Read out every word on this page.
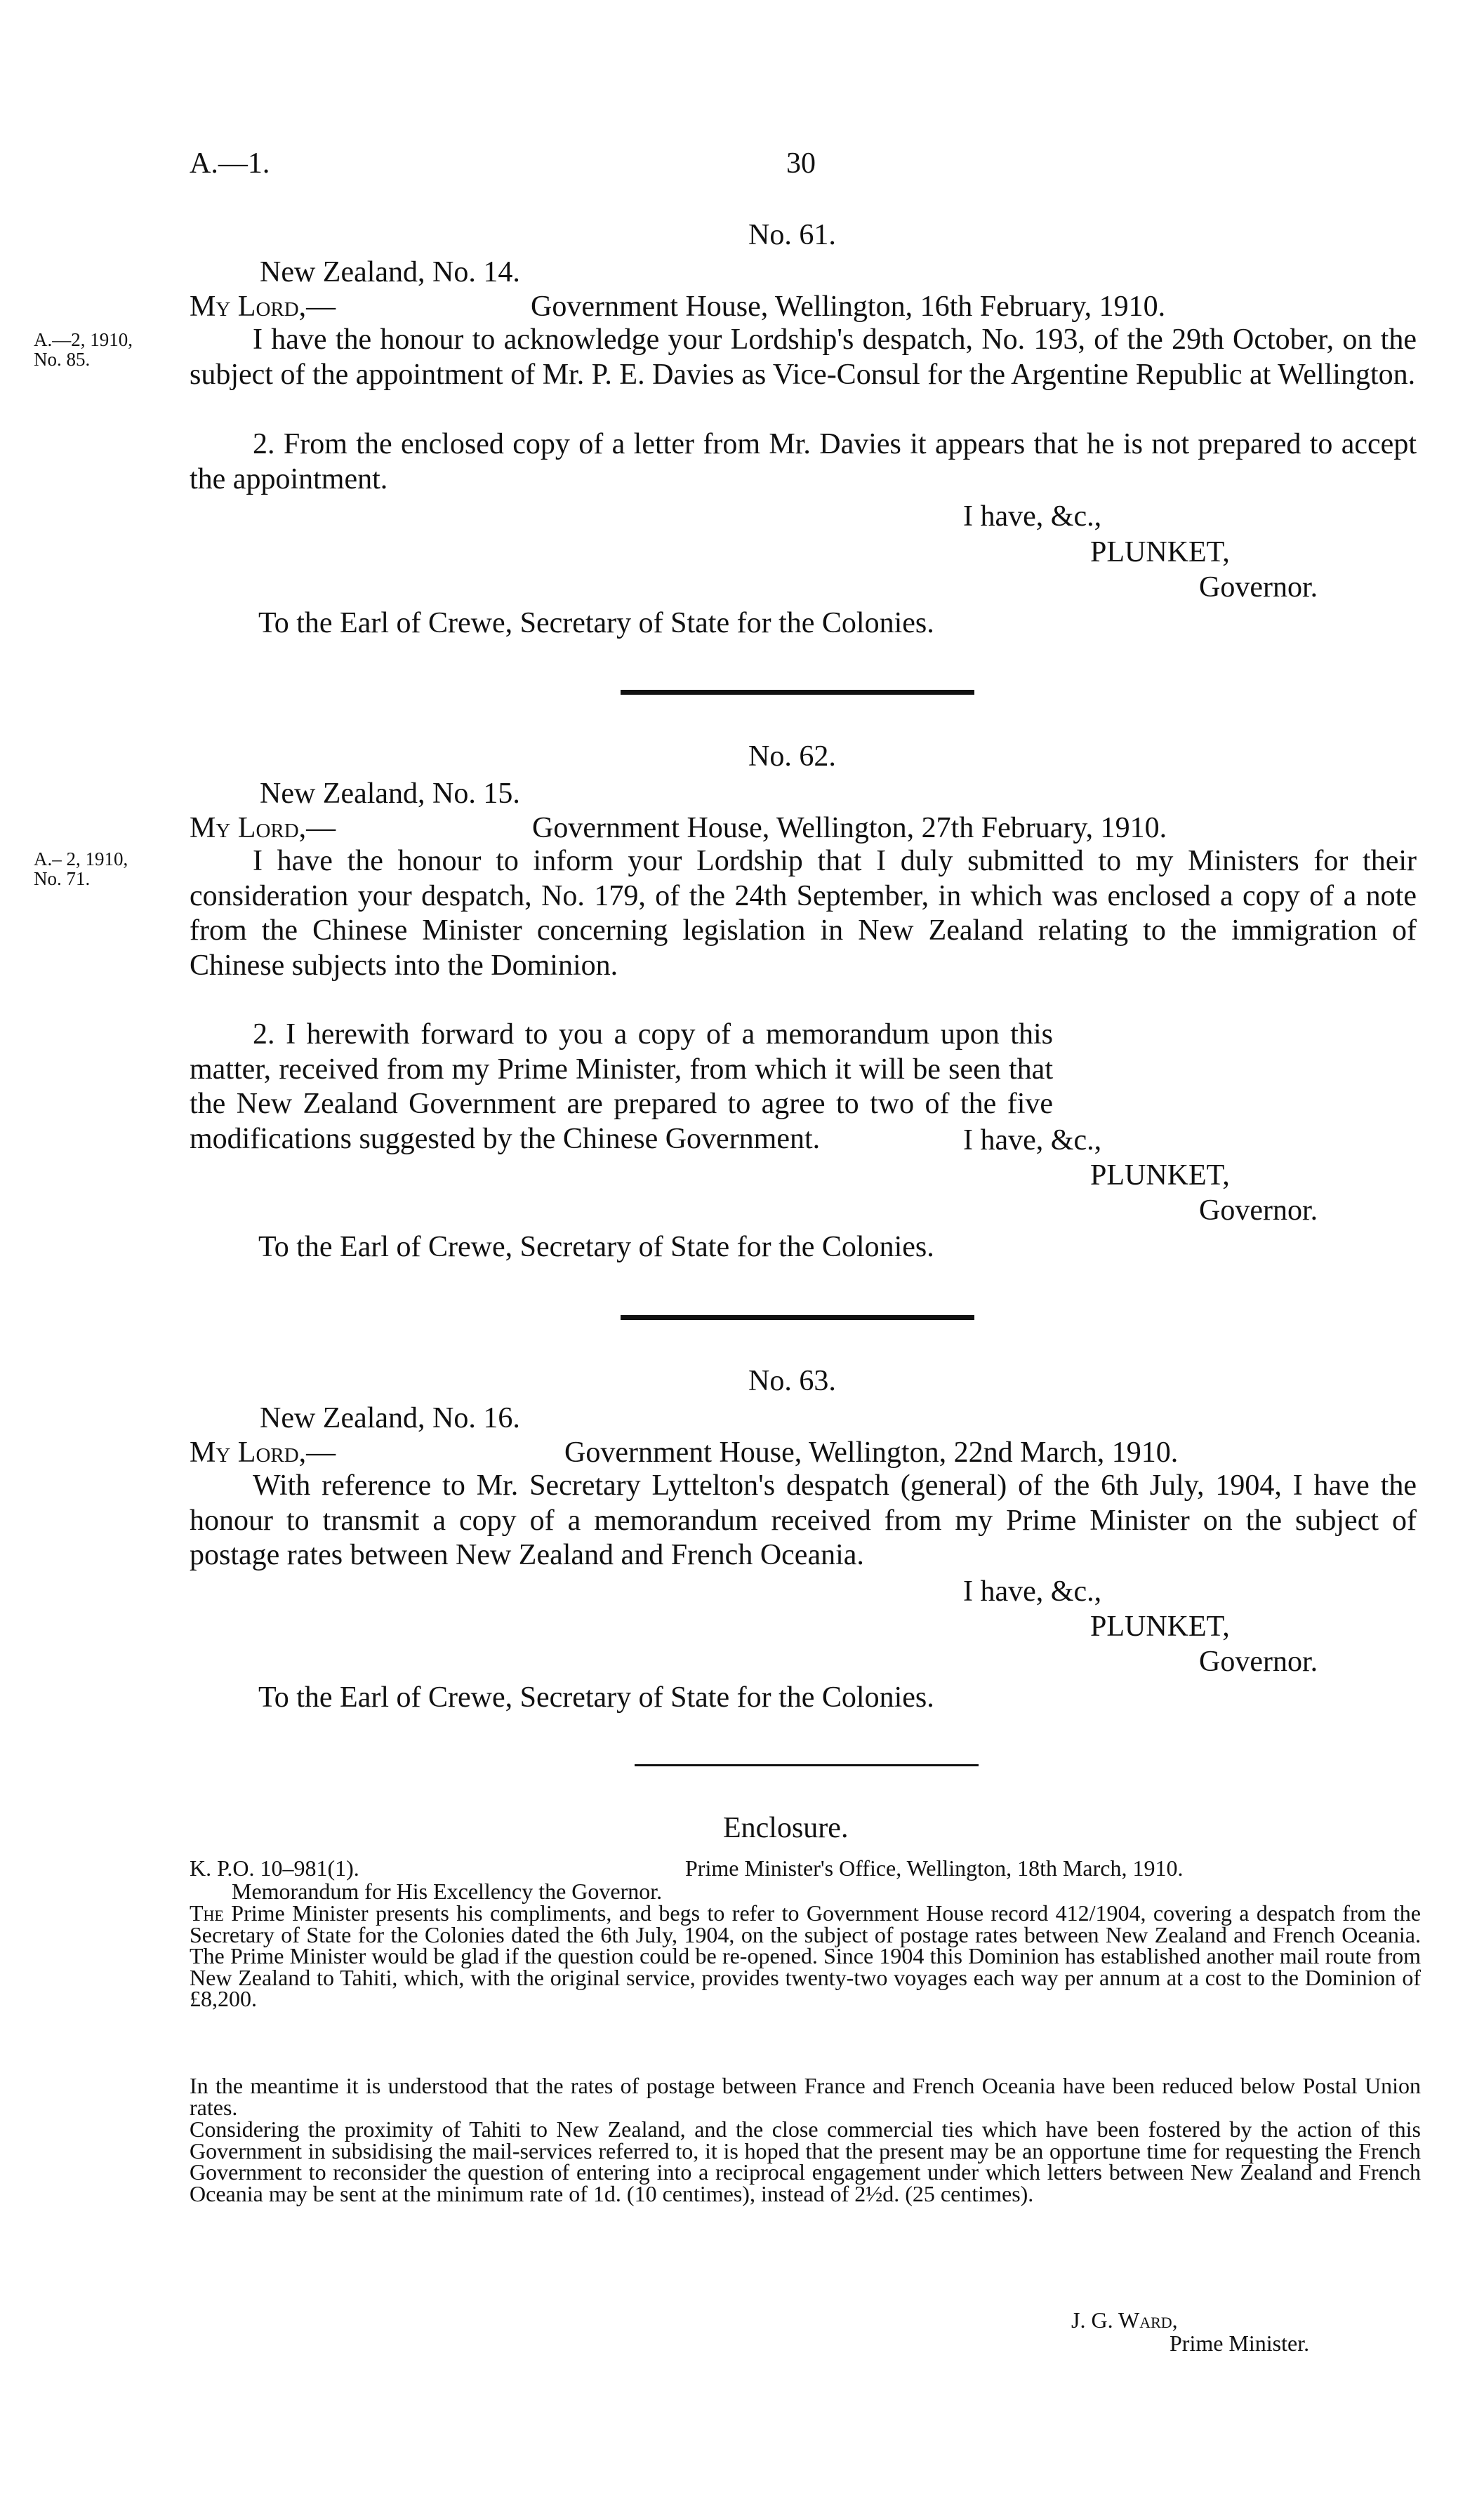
A.—1.	30
No. 61.
New Zealand, No. 14.
My Lord,—	Government House, Wellington, 16th February, 1910.
A.—2, 1910,
No. 85.
I have the honour to acknowledge your Lordship's despatch, No. 193, of the 29th October, on the subject of the appointment of Mr. P. E. Davies as Vice-Consul for the Argentine Republic at Wellington.
2. From the enclosed copy of a letter from Mr. Davies it appears that he is not prepared to accept the appointment.
I have, &c.,
PLUNKET,
Governor.
To the Earl of Crewe, Secretary of State for the Colonies.
No. 62.
New Zealand, No. 15.
My Lord,—	Government House, Wellington, 27th February, 1910.
A.– 2, 1910,
No. 71.
I have the honour to inform your Lordship that I duly submitted to my Ministers for their consideration your despatch, No. 179, of the 24th September, in which was enclosed a copy of a note from the Chinese Minister concerning legislation in New Zealand relating to the immigration of Chinese subjects into the Dominion.
2. I herewith forward to you a copy of a memorandum upon this matter, received from my Prime Minister, from which it will be seen that the New Zealand Government are prepared to agree to two of the five modifications suggested by the Chinese Government.	I have, &c.,
PLUNKET,
Governor.
To the Earl of Crewe, Secretary of State for the Colonies.
No. 63.
New Zealand, No. 16.
My Lord,—	Government House, Wellington, 22nd March, 1910.
With reference to Mr. Secretary Lyttelton's despatch (general) of the 6th July, 1904, I have the honour to transmit a copy of a memorandum received from my Prime Minister on the subject of postage rates between New Zealand and French Oceania.
I have, &c.,
PLUNKET,
Governor.
To the Earl of Crewe, Secretary of State for the Colonies.
Enclosure.
K. P.O. 10–981(1).	Prime Minister's Office, Wellington, 18th March, 1910.
Memorandum for His Excellency the Governor.
The Prime Minister presents his compliments, and begs to refer to Government House record 412/1904, covering a despatch from the Secretary of State for the Colonies dated the 6th July, 1904, on the subject of postage rates between New Zealand and French Oceania. The Prime Minister would be glad if the question could be re-opened. Since 1904 this Dominion has established another mail route from New Zealand to Tahiti, which, with the original service, provides twenty-two voyages each way per annum at a cost to the Dominion of £8,200.
In the meantime it is understood that the rates of postage between France and French Oceania have been reduced below Postal Union rates.
Considering the proximity of Tahiti to New Zealand, and the close commercial ties which have been fostered by the action of this Government in subsidising the mail-services referred to, it is hoped that the present may be an opportune time for requesting the French Government to reconsider the question of entering into a reciprocal engagement under which letters between New Zealand and French Oceania may be sent at the minimum rate of 1d. (10 centimes), instead of 2½d. (25 centimes).
J. G. Ward,
Prime Minister.
